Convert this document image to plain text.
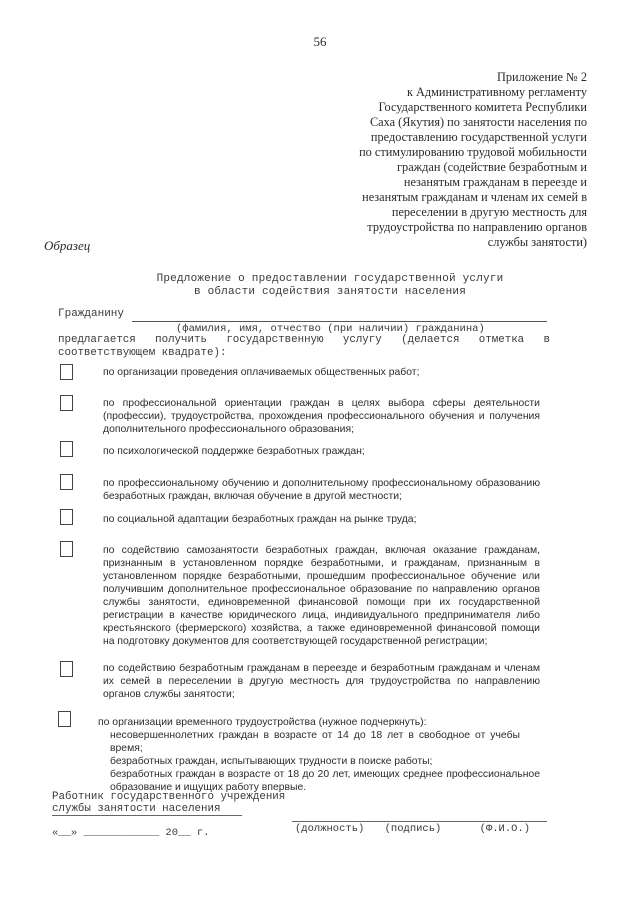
56
Приложение № 2
к Административному регламенту
Государственного комитета Республики
Саха (Якутия) по занятости населения по
предоставлению государственной услуги
по стимулированию трудовой мобильности
граждан (содействие безработным и
незанятым гражданам в переезде и
незанятым гражданам и членам их семей в
переселении в другую местность для
трудоустройства по направлению органов
службы занятости)
Образец
Предложение о предоставлении государственной услуги
в области содействия занятости населения
Гражданину
(фамилия, имя, отчество (при наличии) гражданина)
предлагается получить государственную услугу (делается отметка в соответствующем квадрате):
по организации проведения оплачиваемых общественных работ;
по профессиональной ориентации граждан в целях выбора сферы деятельности (профессии), трудоустройства, прохождения профессионального обучения и получения дополнительного профессионального образования;
по психологической поддержке безработных граждан;
по профессиональному обучению и дополнительному профессиональному образованию безработных граждан, включая обучение в другой местности;
по социальной адаптации безработных граждан на рынке труда;
по содействию самозанятости безработных граждан, включая оказание гражданам, признанным в установленном порядке безработными, и гражданам, признанным в установленном порядке безработными, прошедшим профессиональное обучение или получившим дополнительное профессиональное образование по направлению органов службы занятости, единовременной финансовой помощи при их государственной регистрации в качестве юридического лица, индивидуального предпринимателя либо крестьянского (фермерского) хозяйства, а также единовременной финансовой помощи на подготовку документов для соответствующей государственной регистрации;
по содействию безработным гражданам в переезде и безработным гражданам и членам их семей в переселении в другую местность для трудоустройства по направлению органов службы занятости;
по организации временного трудоустройства (нужное подчеркнуть):
несовершеннолетних граждан в возрасте от 14 до 18 лет в свободное от учебы время;
безработных граждан, испытывающих трудности в поиске работы;
безработных граждан в возрасте от 18 до 20 лет, имеющих среднее профессиональное образование и ищущих работу впервые.
Работник государственного учреждения
службы занятости населения
«__» ____________ 20__ г.	(должность) (подпись)	(Ф.И.О.)
